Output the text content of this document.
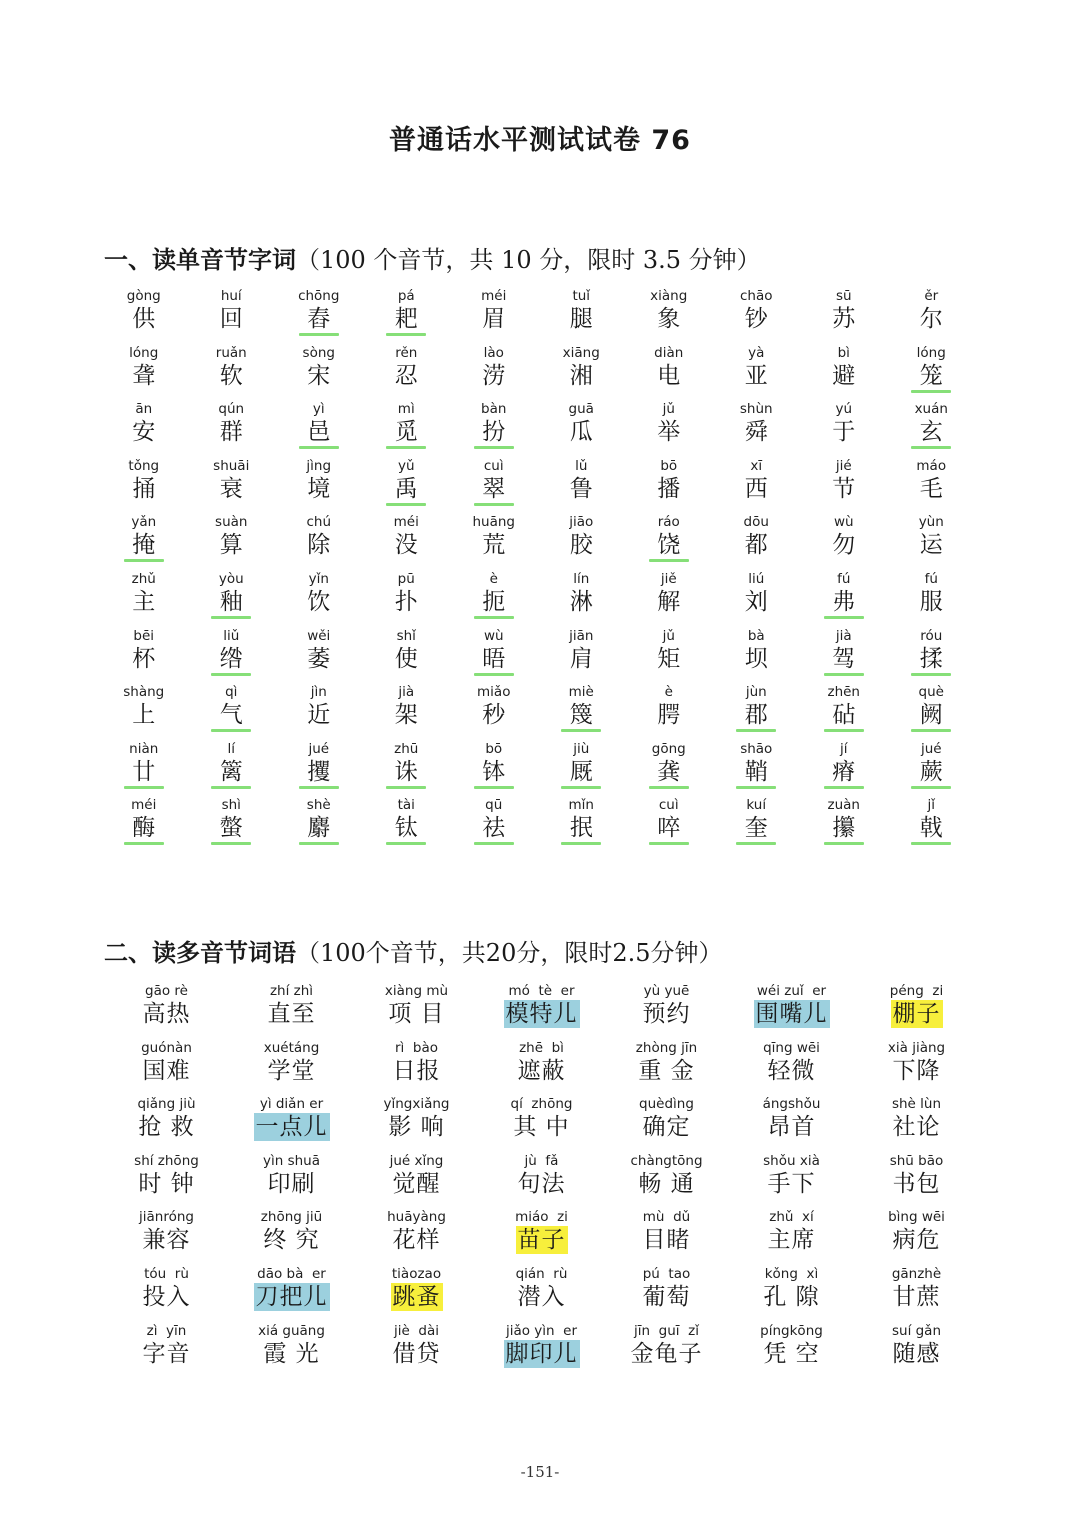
普通话水平测试试卷 76
一、读单音节字词（100 个音节，共 10 分，限时 3.5 分钟）
gòng
供
huí
回
chōng
舂
pá
耙
méi
眉
tuǐ
腿
xiàng
象
chāo
钞
sū
苏
ěr
尔
lóng
聋
ruǎn
软
sòng
宋
rěn
忍
lào
涝
xiāng
湘
diàn
电
yà
亚
bì
避
lóng
笼
ān
安
qún
群
yì
邑
mì
觅
bàn
扮
guā
瓜
jǔ
举
shùn
舜
yú
于
xuán
玄
tǒng
捅
shuāi
衰
jìng
境
yǔ
禹
cuì
翠
lǔ
鲁
bō
播
xī
西
jié
节
máo
毛
yǎn
掩
suàn
算
chú
除
méi
没
huāng
荒
jiāo
胶
ráo
饶
dōu
都
wù
勿
yùn
运
zhǔ
主
yòu
釉
yǐn
饮
pū
扑
è
扼
lín
淋
jiě
解
liú
刘
fú
弗
fú
服
bēi
杯
liǔ
绺
wěi
萎
shǐ
使
wù
晤
jiān
肩
jǔ
矩
bà
坝
jià
驾
róu
揉
shàng
上
qì
气
jìn
近
jià
架
miǎo
秒
miè
篾
è
腭
jùn
郡
zhēn
砧
què
阙
niàn
廿
lí
篱
jué
攫
zhū
诛
bō
钵
jiù
厩
gōng
龚
shāo
鞘
jí
瘠
jué
蕨
méi
酶
shì
螫
shè
麝
tài
钛
qū
祛
mǐn
抿
cuì
啐
kuí
奎
zuàn
攥
jǐ
戟
二、读多音节词语（100个音节，共20分，限时2.5分钟）
gāo rè
高热
zhí zhì
直至
xiàng mù
项 目
mó  tè  er
模特儿
yù yuē
预约
wéi zuǐ  er
围嘴儿
péng  zi
棚子
guónàn
国难
xuétáng
学堂
rì  bào
日报
zhē  bì
遮蔽
zhòng jīn
重 金
qīng wēi
轻微
xià jiàng
下降
qiǎng jiù
抢 救
yì diǎn er
一点儿
yǐngxiǎng
影 响
qí  zhōng
其 中
quèdìng
确定
ángshǒu
昂首
shè lùn
社论
shí zhōng
时 钟
yìn shuā
印刷
jué xǐng
觉醒
jù  fǎ
句法
chàngtōng
畅 通
shǒu xià
手下
shū bāo
书包
jiānróng
兼容
zhōng jiū
终 究
huāyàng
花样
miáo  zi
苗子
mù  dǔ
目睹
zhǔ  xí
主席
bìng wēi
病危
tóu  rù
投入
dāo bà  er
刀把儿
tiàozao
跳蚤
qián  rù
潜入
pú  tao
葡萄
kǒng  xì
孔 隙
gānzhè
甘蔗
zì  yīn
字音
xiá guāng
霞 光
jiè  dài
借贷
jiǎo yìn  er
脚印儿
jīn  guī  zǐ
金龟子
píngkōng
凭 空
suí gǎn
随感
-151-
